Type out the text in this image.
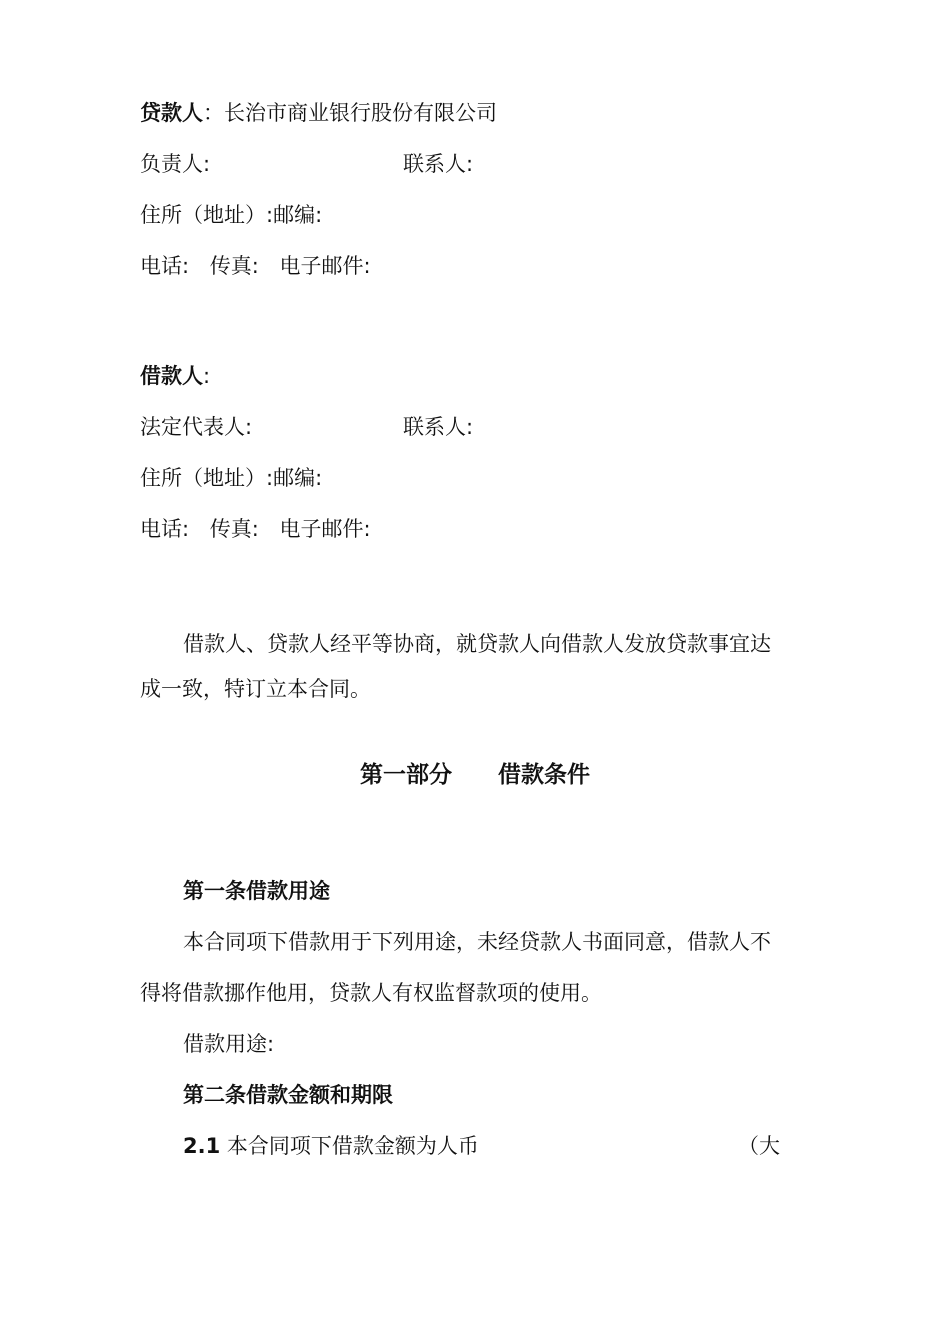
贷款人：长治市商业银行股份有限公司
负责人:	联系人:
住所（地址）:邮编:
电话: 传真: 电子邮件:
借款人:
法定代表人:	联系人:
住所（地址）:邮编:
电话: 传真: 电子邮件:
借款人、贷款人经平等协商，就贷款人向借款人发放贷款事宜达
成一致，特订立本合同。
第一部分　　借款条件
第一条借款用途
本合同项下借款用于下列用途，未经贷款人书面同意，借款人不
得将借款挪作他用，贷款人有权监督款项的使用。
借款用途:
第二条借款金额和期限
2.1 本合同项下借款金额为人币	（大
